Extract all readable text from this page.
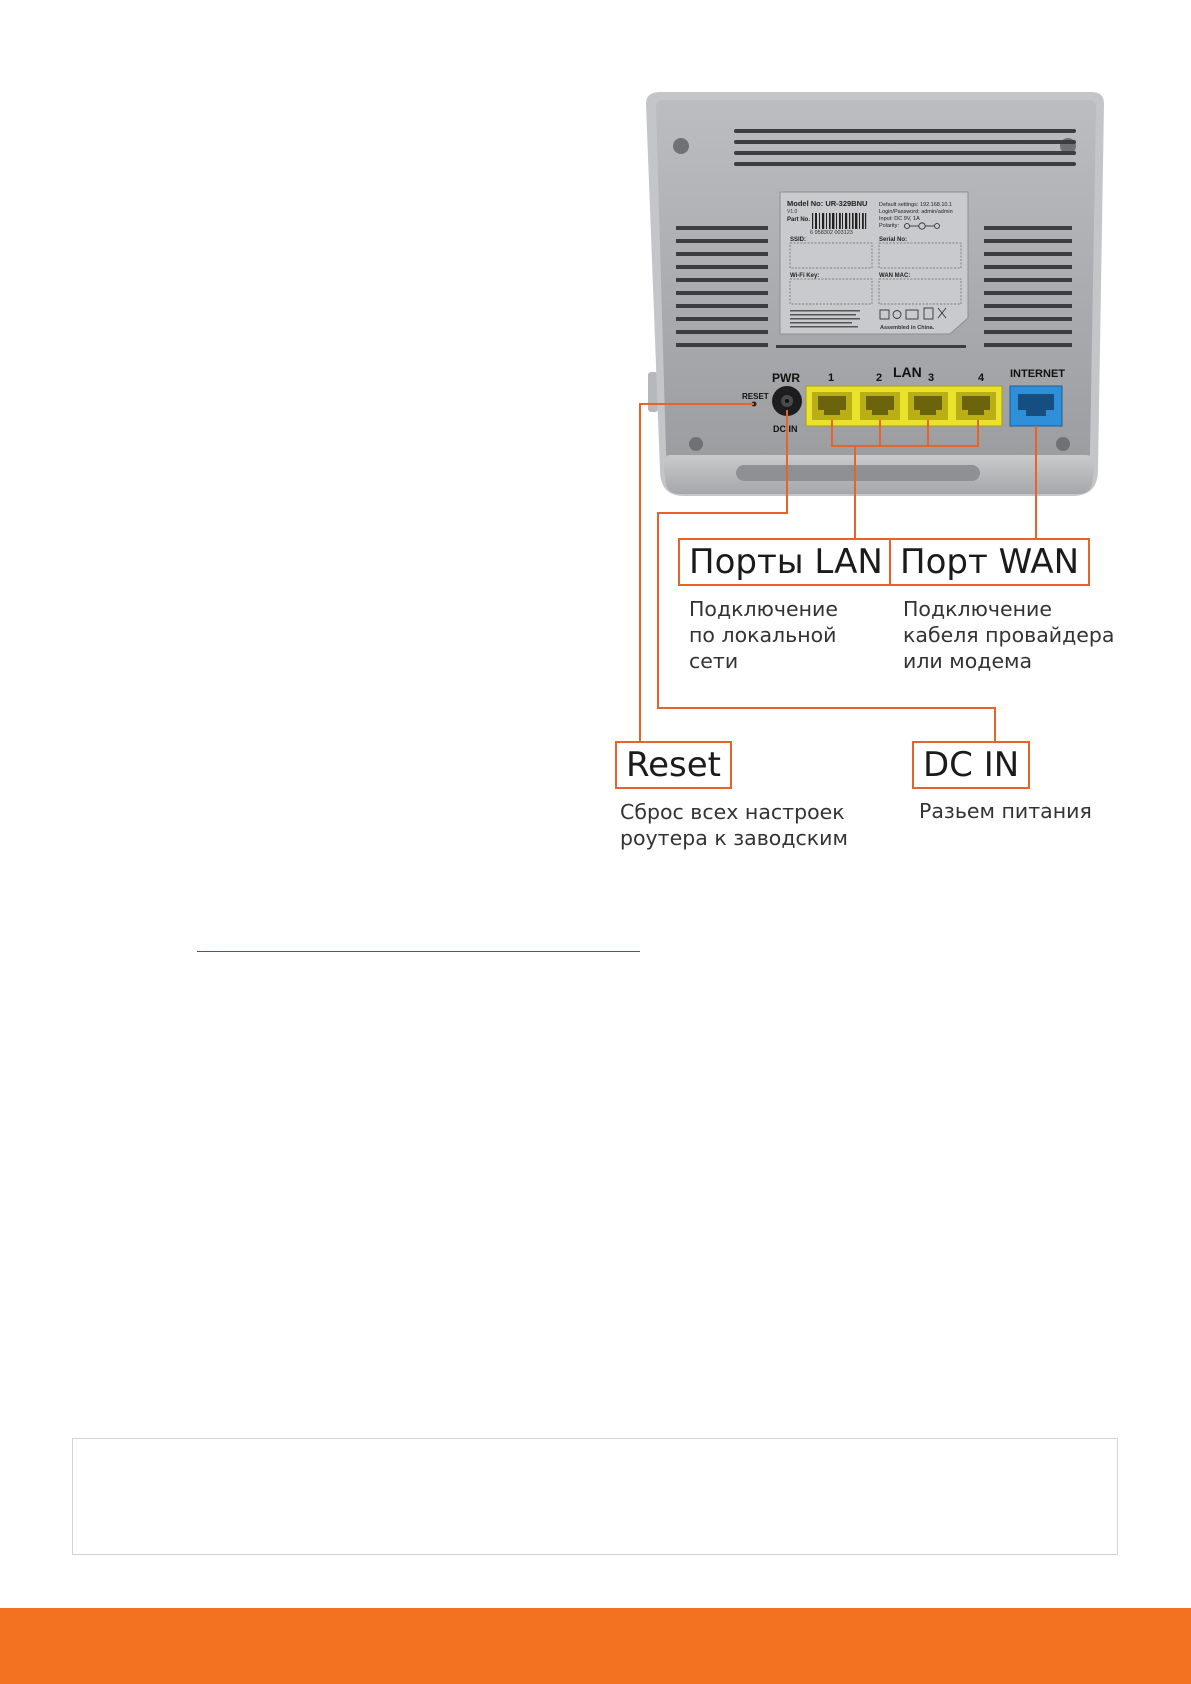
Model No: UR-329BNU
V1.0
Part No.
6 958302 003123
Default settings: 192.168.10.1
Login/Password: admin/admin
Input: DC 9V, 1A
Polarity:
SSID:	Serial No:
Wi-Fi Key:	WAN MAC:
Assembled in China.
RESET
PWR
DC IN
LAN
1	2	3	4 INTERNET
Порты LAN
Подключение
по локальной
сети
Порт WAN
Подключение
кабеля провайдера
или модема
Reset
Сброс всех настроек
роутера к заводским
DC IN
Разьем питания
